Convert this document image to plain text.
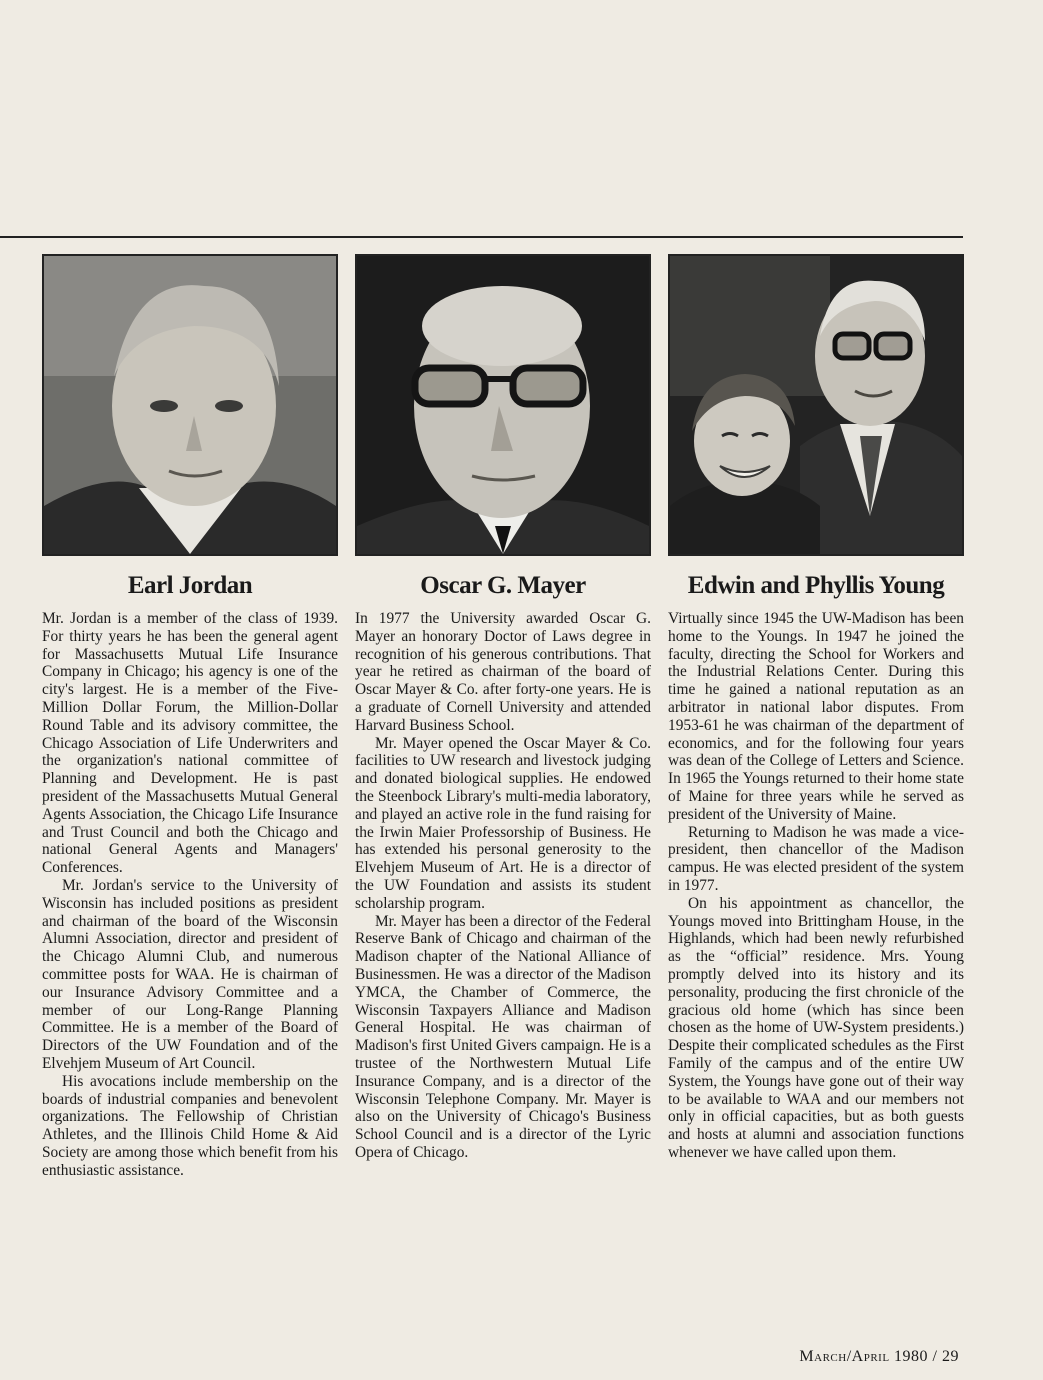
Earl Jordan

Mr. Jordan is a member of the class of 1939. For thirty years he has been the general agent for Massachusetts Mutual Life Insurance Company in Chicago; his agency is one of the city's largest. He is a member of the Five-Million Dollar Forum, the Million-Dollar Round Table and its advisory committee, the Chicago Association of Life Underwriters and the organization's national committee of Planning and Development. He is past president of the Massachusetts Mutual General Agents Association, the Chicago Life Insurance and Trust Council and both the Chicago and national General Agents and Managers' Conferences.

Mr. Jordan's service to the University of Wisconsin has included positions as president and chairman of the board of the Wisconsin Alumni Association, director and president of the Chicago Alumni Club, and numerous committee posts for WAA. He is chairman of our Insurance Advisory Committee and a member of our Long-Range Planning Committee. He is a member of the Board of Directors of the UW Foundation and of the Elvehjem Museum of Art Council.

His avocations include membership on the boards of industrial companies and benevolent organizations. The Fellowship of Christian Athletes, and the Illinois Child Home & Aid Society are among those which benefit from his enthusiastic assistance.

Oscar G. Mayer

In 1977 the University awarded Oscar G. Mayer an honorary Doctor of Laws degree in recognition of his generous contributions. That year he retired as chairman of the board of Oscar Mayer & Co. after forty-one years. He is a graduate of Cornell University and attended Harvard Business School.

Mr. Mayer opened the Oscar Mayer & Co. facilities to UW research and livestock judging and donated biological supplies. He endowed the Steenbock Library's multi-media laboratory, and played an active role in the fund raising for the Irwin Maier Professorship of Business. He has extended his personal generosity to the Elvehjem Museum of Art. He is a director of the UW Foundation and assists its student scholarship program.

Mr. Mayer has been a director of the Federal Reserve Bank of Chicago and chairman of the Madison chapter of the National Alliance of Businessmen. He was a director of the Madison YMCA, the Chamber of Commerce, the Wisconsin Taxpayers Alliance and Madison General Hospital. He was chairman of Madison's first United Givers campaign. He is a trustee of the Northwestern Mutual Life Insurance Company, and is a director of the Wisconsin Telephone Company. Mr. Mayer is also on the University of Chicago's Business School Council and is a director of the Lyric Opera of Chicago.

Edwin and Phyllis Young

Virtually since 1945 the UW-Madison has been home to the Youngs. In 1947 he joined the faculty, directing the School for Workers and the Industrial Relations Center. During this time he gained a national reputation as an arbitrator in national labor disputes. From 1953-61 he was chairman of the department of economics, and for the following four years was dean of the College of Letters and Science. In 1965 the Youngs returned to their home state of Maine for three years while he served as president of the University of Maine.

Returning to Madison he was made a vice-president, then chancellor of the Madison campus. He was elected president of the system in 1977.

On his appointment as chancellor, the Youngs moved into Brittingham House, in the Highlands, which had been newly refurbished as the “official” residence. Mrs. Young promptly delved into its history and its personality, producing the first chronicle of the gracious old home (which has since been chosen as the home of UW-System presidents.) Despite their complicated schedules as the First Family of the campus and of the entire UW System, the Youngs have gone out of their way to be available to WAA and our members not only in official capacities, but as both guests and hosts at alumni and association functions whenever we have called upon them.

March/April 1980 / 29
